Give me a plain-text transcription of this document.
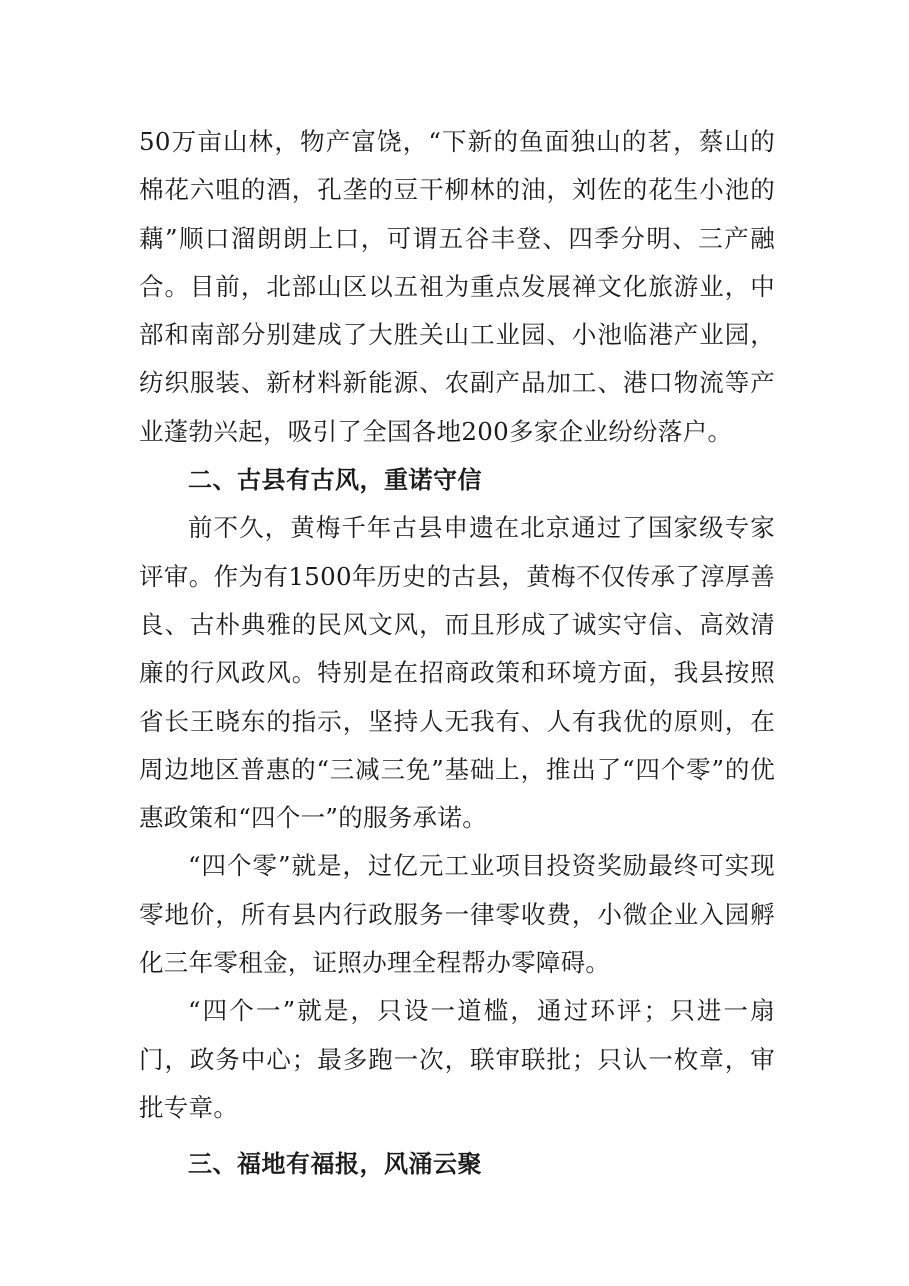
50万亩山林，物产富饶，“下新的鱼面独山的茗，蔡山的棉花六咀的酒，孔垄的豆干柳林的油，刘佐的花生小池的藕”顺口溜朗朗上口，可谓五谷丰登、四季分明、三产融合。目前，北部山区以五祖为重点发展禅文化旅游业，中部和南部分别建成了大胜关山工业园、小池临港产业园，纺织服装、新材料新能源、农副产品加工、港口物流等产业蓬勃兴起，吸引了全国各地200多家企业纷纷落户。

二、古县有古风，重诺守信

前不久，黄梅千年古县申遗在北京通过了国家级专家评审。作为有1500年历史的古县，黄梅不仅传承了淳厚善良、古朴典雅的民风文风，而且形成了诚实守信、高效清廉的行风政风。特别是在招商政策和环境方面，我县按照省长王晓东的指示，坚持人无我有、人有我优的原则，在周边地区普惠的“三减三免”基础上，推出了“四个零”的优惠政策和“四个一”的服务承诺。

“四个零”就是，过亿元工业项目投资奖励最终可实现零地价，所有县内行政服务一律零收费，小微企业入园孵化三年零租金，证照办理全程帮办零障碍。

“四个一”就是，只设一道槛，通过环评；只进一扇门，政务中心；最多跑一次，联审联批；只认一枚章，审批专章。

三、福地有福报，风涌云聚
